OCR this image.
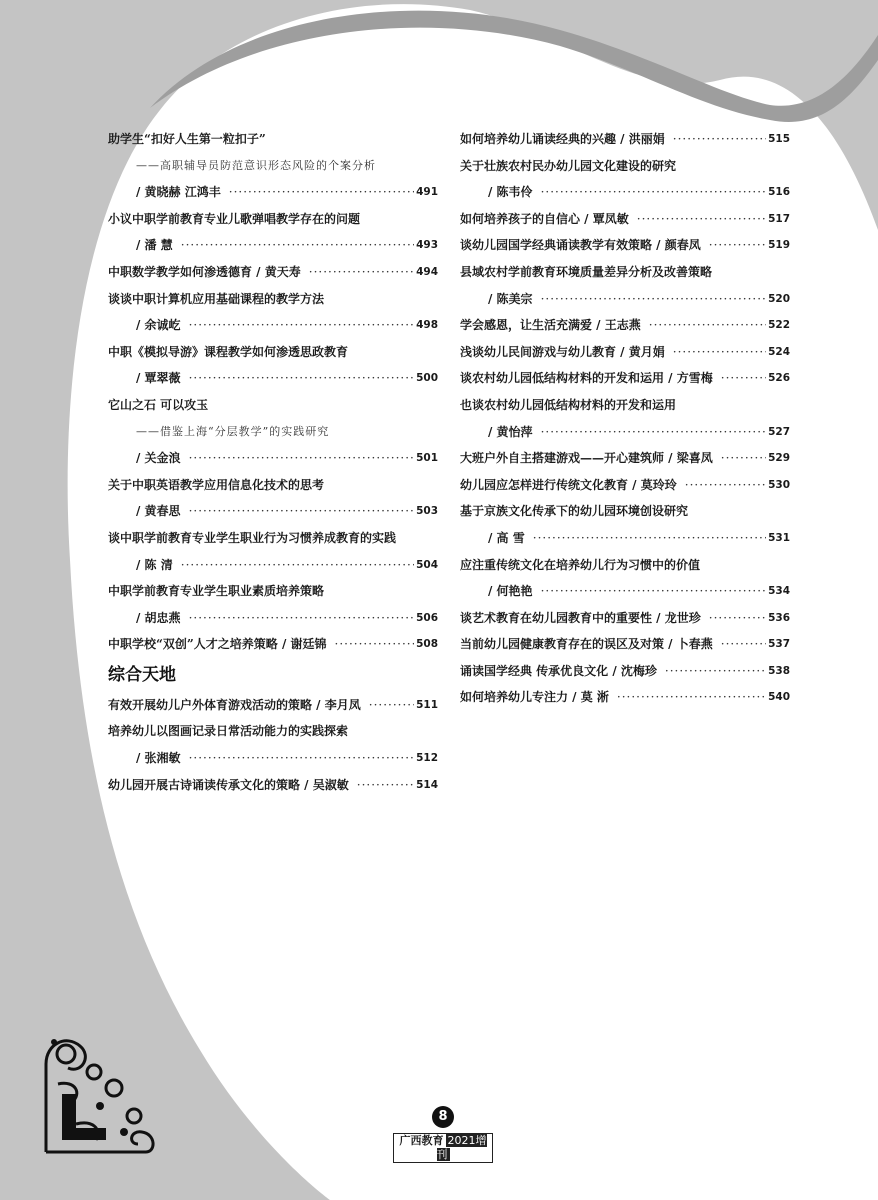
助学生“扣好人生第一粒扣子”
——高职辅导员防范意识形态风险的个案分析
/ 黄晓赫 江鸿丰 ·····	491
小议中职学前教育专业儿歌弹唱教学存在的问题
/ 潘 慧 ·····	493
中职数学教学如何渗透德育 / 黄天寿 ·····	494
谈谈中职计算机应用基础课程的教学方法
/ 余诚屹 ·····	498
中职《模拟导游》课程教学如何渗透思政教育
/ 覃翠薇 ·····	500
它山之石 可以攻玉
——借鉴上海“分层教学”的实践研究
/ 关金浪 ·····	501
关于中职英语教学应用信息化技术的思考
/ 黄春思 ·····	503
谈中职学前教育专业学生职业行为习惯养成教育的实践
/ 陈 清 ·····	504
中职学前教育专业学生职业素质培养策略
/ 胡忠燕 ·····	506
中职学校“双创”人才之培养策略 / 谢廷锦 ·····	508
综合天地
有效开展幼儿户外体育游戏活动的策略 / 李月凤 ·····	511
培养幼儿以图画记录日常活动能力的实践探索
/ 张湘敏 ·····	512
幼儿园开展古诗诵读传承文化的策略 / 吴淑敏 ·····	514
如何培养幼儿诵读经典的兴趣 / 洪丽娟 ·····	515
关于壮族农村民办幼儿园文化建设的研究
/ 陈韦伶 ·····	516
如何培养孩子的自信心 / 覃凤敏 ·····	517
谈幼儿园国学经典诵读教学有效策略 / 颜春凤 ·····	519
县域农村学前教育环境质量差异分析及改善策略
/ 陈美宗 ·····	520
学会感恩，让生活充满爱 / 王志燕 ·····	522
浅谈幼儿民间游戏与幼儿教育 / 黄月娟 ·····	524
谈农村幼儿园低结构材料的开发和运用 / 方雪梅 ·····	526
也谈农村幼儿园低结构材料的开发和运用
/ 黄怡萍 ·····	527
大班户外自主搭建游戏——开心建筑师 / 梁喜凤 ·····	529
幼儿园应怎样进行传统文化教育 / 莫玲玲 ·····	530
基于京族文化传承下的幼儿园环境创设研究
/ 高 雪 ·····	531
应注重传统文化在培养幼儿行为习惯中的价值
/ 何艳艳 ·····	534
谈艺术教育在幼儿园教育中的重要性 / 龙世珍 ·····	536
当前幼儿园健康教育存在的误区及对策 / 卜春燕 ·····	537
诵读国学经典 传承优良文化 / 沈梅珍 ·····	538
如何培养幼儿专注力 / 莫 淅 ·····	540
8
广西教育 2021增刊
